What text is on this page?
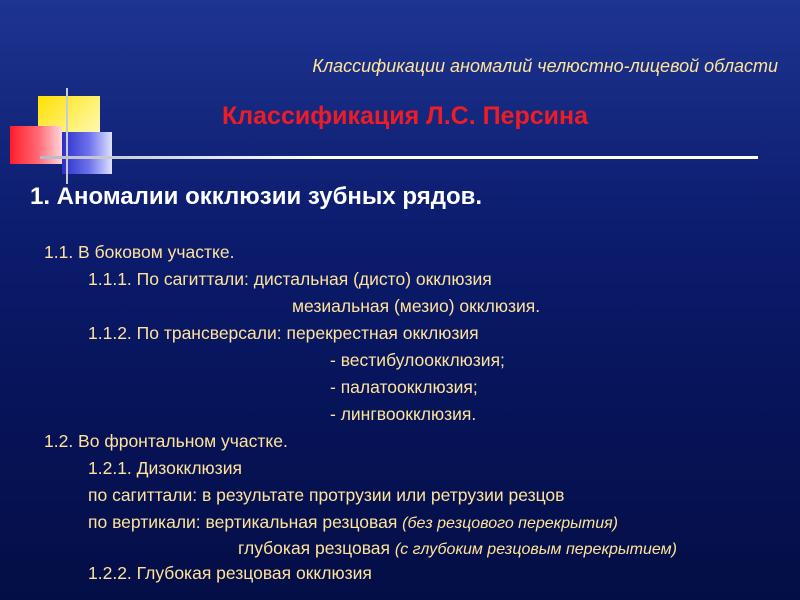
Классификации аномалий челюстно-лицевой области
Классификация Л.С. Персина
1. Аномалии окклюзии зубных рядов.
1.1. В боковом участке.
1.1.1. По сагиттали: дистальная (дисто) окклюзия
мезиальная (мезио) окклюзия.
1.1.2. По трансверсали: перекрестная окклюзия
- вестибулоокклюзия;
- палатоокклюзия;
- лингвоокклюзия.
1.2. Во фронтальном участке.
1.2.1. Дизокклюзия
по сагиттали: в результате протрузии или ретрузии резцов
по вертикали: вертикальная резцовая (без резцового перекрытия)
глубокая резцовая (с глубоким резцовым перекрытием)
1.2.2. Глубокая резцовая окклюзия
